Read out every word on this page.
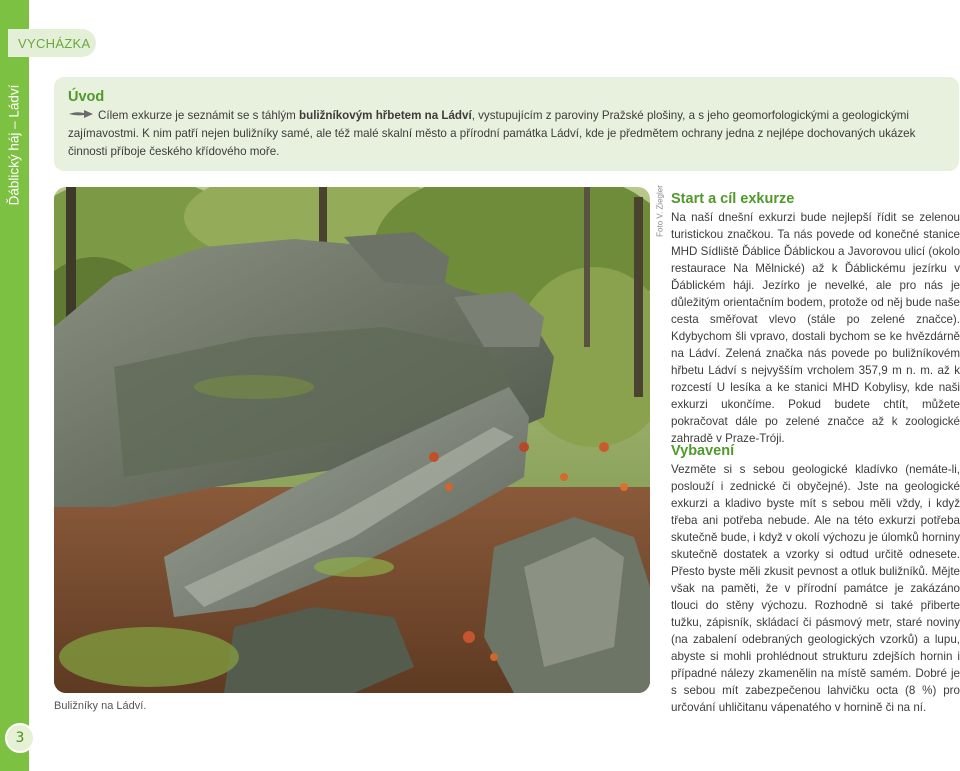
Ďáblický háj – Ládví
3
VYCHÁZKA
Úvod

Cílem exkurze je seznámit se s táhlým buližníkovým hřbetem na Ládví, vystupujícím z paroviny Pražské plošiny, a s jeho geomorfologickými a geologickými zajímavostmi. K nim patří nejen buližníky samé, ale též malé skalní město a přírodní památka Ládví, kde je předmětem ochrany jedna z nejlépe dochovaných ukázek činnosti příboje českého křídového moře.

Buližníky na Ládví.
Foto V. Ziegler Start a cíl exkurze

Na naší dnešní exkurzi bude nejlepší řídit se zelenou turistickou značkou. Ta nás povede od konečné stanice MHD Sídliště Ďáblice Ďáblickou a Javorovou ulicí (okolo restaurace Na Mělnické) až k Ďáblickému jezírku v Ďáblickém háji. Jezírko je nevelké, ale pro nás je důležitým orientačním bodem, protože od něj bude naše cesta směřovat vlevo (stále po zelené značce). Kdybychom šli vpravo, dostali bychom se ke hvězdárně na Ládví. Zelená značka nás povede po buližníkovém hřbetu Ládví s nejvyšším vrcholem 357,9 m n. m. až k rozcestí U lesíka a ke stanici MHD Kobylisy, kde naši exkurzi ukončíme. Pokud budete chtít, můžete pokračovat dále po zelené značce až k zoologické zahradě v Praze-Tróji.

Vybavení

Vezměte si s sebou geologické kladívko (nemáte-li, poslouží i zednické či obyčejné). Jste na geologické exkurzi a kladivo byste mít s sebou měli vždy, i když třeba ani potřeba nebude. Ale na této exkurzi potřeba skutečně bude, i když v okolí výchozu je úlomků horniny skutečně dostatek a vzorky si odtud určitě odnesete. Přesto byste měli zkusit pevnost a otluk buližníků. Mějte však na paměti, že v přírodní památce je zakázáno tlouci do stěny výchozu. Rozhodně si také přiberte tužku, zápisník, skládací či pásmový metr, staré noviny (na zabalení odebraných geologických vzorků) a lupu, abyste si mohli prohlédnout strukturu zdejších hornin i případné nálezy zkamenělin na místě samém. Dobré je s sebou mít zabezpečenou lahvičku octa (8 %) pro určování uhličitanu vápenatého v horninĕ či na ní.
